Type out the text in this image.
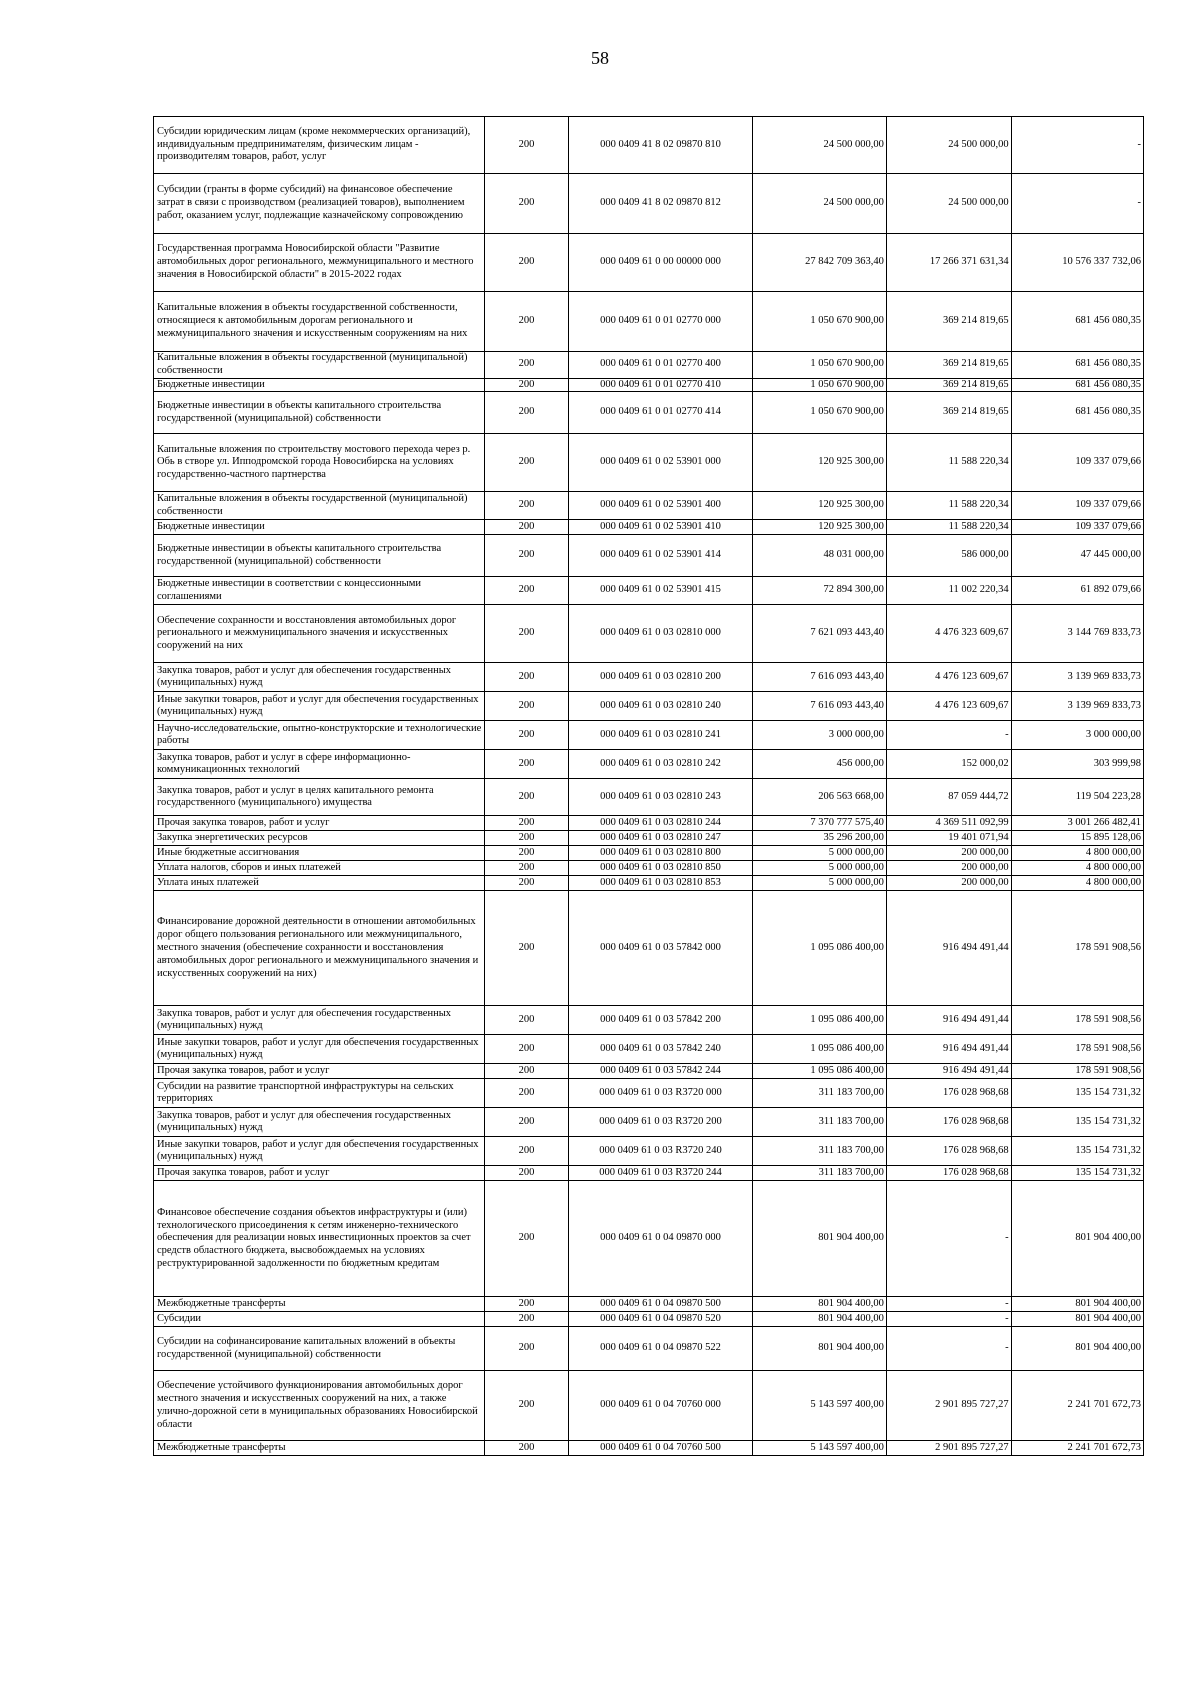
58
Субсидии юридическим лицам (кроме некоммерческих организаций), индивидуальным предпринимателям, физическим лицам - производителям товаров, работ, услуг	200	000 0409 41 8 02 09870 810	24 500 000,00	24 500 000,00	-
Субсидии (гранты в форме субсидий) на финансовое обеспечение затрат в связи с производством (реализацией товаров), выполнением работ, оказанием услуг, подлежащие казначейскому сопровождению	200	000 0409 41 8 02 09870 812	24 500 000,00	24 500 000,00	-
Государственная программа Новосибирской области "Развитие автомобильных дорог регионального, межмуниципального и местного значения в Новосибирской области" в 2015-2022 годах	200	000 0409 61 0 00 00000 000	27 842 709 363,40	17 266 371 631,34	10 576 337 732,06
Капитальные вложения в объекты государственной собственности, относящиеся к автомобильным дорогам регионального и межмуниципального значения и искусственным сооружениям на них	200	000 0409 61 0 01 02770 000	1 050 670 900,00	369 214 819,65	681 456 080,35
Капитальные вложения в объекты государственной (муниципальной) собственности	200	000 0409 61 0 01 02770 400	1 050 670 900,00	369 214 819,65	681 456 080,35
Бюджетные инвестиции	200	000 0409 61 0 01 02770 410	1 050 670 900,00	369 214 819,65	681 456 080,35
Бюджетные инвестиции в объекты капитального строительства государственной (муниципальной) собственности	200	000 0409 61 0 01 02770 414	1 050 670 900,00	369 214 819,65	681 456 080,35
Капитальные вложения по строительству мостового перехода через р. Обь в створе ул. Ипподромской города Новосибирска на условиях государственно-частного партнерства	200	000 0409 61 0 02 53901 000	120 925 300,00	11 588 220,34	109 337 079,66
Капитальные вложения в объекты государственной (муниципальной) собственности	200	000 0409 61 0 02 53901 400	120 925 300,00	11 588 220,34	109 337 079,66
Бюджетные инвестиции	200	000 0409 61 0 02 53901 410	120 925 300,00	11 588 220,34	109 337 079,66
Бюджетные инвестиции в объекты капитального строительства государственной (муниципальной) собственности	200	000 0409 61 0 02 53901 414	48 031 000,00	586 000,00	47 445 000,00
Бюджетные инвестиции в соответствии с концессионными соглашениями	200	000 0409 61 0 02 53901 415	72 894 300,00	11 002 220,34	61 892 079,66
Обеспечение сохранности и восстановления автомобильных дорог регионального и межмуниципального значения и искусственных сооружений на них	200	000 0409 61 0 03 02810 000	7 621 093 443,40	4 476 323 609,67	3 144 769 833,73
Закупка товаров, работ и услуг для обеспечения государственных (муниципальных) нужд	200	000 0409 61 0 03 02810 200	7 616 093 443,40	4 476 123 609,67	3 139 969 833,73
Иные закупки товаров, работ и услуг для обеспечения государственных (муниципальных) нужд	200	000 0409 61 0 03 02810 240	7 616 093 443,40	4 476 123 609,67	3 139 969 833,73
Научно-исследовательские, опытно-конструкторские и технологические работы	200	000 0409 61 0 03 02810 241	3 000 000,00	-	3 000 000,00
Закупка товаров, работ и услуг в сфере информационно-коммуникационных технологий	200	000 0409 61 0 03 02810 242	456 000,00	152 000,02	303 999,98
Закупка товаров, работ и услуг в целях капитального ремонта государственного (муниципального) имущества	200	000 0409 61 0 03 02810 243	206 563 668,00	87 059 444,72	119 504 223,28
Прочая закупка товаров, работ и услуг	200	000 0409 61 0 03 02810 244	7 370 777 575,40	4 369 511 092,99	3 001 266 482,41
Закупка энергетических ресурсов	200	000 0409 61 0 03 02810 247	35 296 200,00	19 401 071,94	15 895 128,06
Иные бюджетные ассигнования	200	000 0409 61 0 03 02810 800	5 000 000,00	200 000,00	4 800 000,00
Уплата налогов, сборов и иных платежей	200	000 0409 61 0 03 02810 850	5 000 000,00	200 000,00	4 800 000,00
Уплата иных платежей	200	000 0409 61 0 03 02810 853	5 000 000,00	200 000,00	4 800 000,00
Финансирование дорожной деятельности в отношении автомобильных дорог общего пользования регионального или межмуниципального, местного значения (обеспечение сохранности и восстановления автомобильных дорог регионального и межмуниципального значения и искусственных сооружений на них)	200	000 0409 61 0 03 57842 000	1 095 086 400,00	916 494 491,44	178 591 908,56
Закупка товаров, работ и услуг для обеспечения государственных (муниципальных) нужд	200	000 0409 61 0 03 57842 200	1 095 086 400,00	916 494 491,44	178 591 908,56
Иные закупки товаров, работ и услуг для обеспечения государственных (муниципальных) нужд	200	000 0409 61 0 03 57842 240	1 095 086 400,00	916 494 491,44	178 591 908,56
Прочая закупка товаров, работ и услуг	200	000 0409 61 0 03 57842 244	1 095 086 400,00	916 494 491,44	178 591 908,56
Субсидии на развитие транспортной инфраструктуры на сельских территориях	200	000 0409 61 0 03 R3720 000	311 183 700,00	176 028 968,68	135 154 731,32
Закупка товаров, работ и услуг для обеспечения государственных (муниципальных) нужд	200	000 0409 61 0 03 R3720 200	311 183 700,00	176 028 968,68	135 154 731,32
Иные закупки товаров, работ и услуг для обеспечения государственных (муниципальных) нужд	200	000 0409 61 0 03 R3720 240	311 183 700,00	176 028 968,68	135 154 731,32
Прочая закупка товаров, работ и услуг	200	000 0409 61 0 03 R3720 244	311 183 700,00	176 028 968,68	135 154 731,32
Финансовое обеспечение создания объектов инфраструктуры и (или) технологического присоединения к сетям инженерно-технического обеспечения для реализации новых инвестиционных проектов за счет средств областного бюджета, высвобождаемых на условиях реструктурированной задолженности по бюджетным кредитам	200	000 0409 61 0 04 09870 000	801 904 400,00	-	801 904 400,00
Межбюджетные трансферты	200	000 0409 61 0 04 09870 500	801 904 400,00	-	801 904 400,00
Субсидии	200	000 0409 61 0 04 09870 520	801 904 400,00	-	801 904 400,00
Субсидии на софинансирование капитальных вложений в объекты государственной (муниципальной) собственности	200	000 0409 61 0 04 09870 522	801 904 400,00	-	801 904 400,00
Обеспечение устойчивого функционирования автомобильных дорог местного значения и искусственных сооружений на них, а также улично-дорожной сети в муниципальных образованиях Новосибирской области	200	000 0409 61 0 04 70760 000	5 143 597 400,00	2 901 895 727,27	2 241 701 672,73
Межбюджетные трансферты	200	000 0409 61 0 04 70760 500	5 143 597 400,00	2 901 895 727,27	2 241 701 672,73
